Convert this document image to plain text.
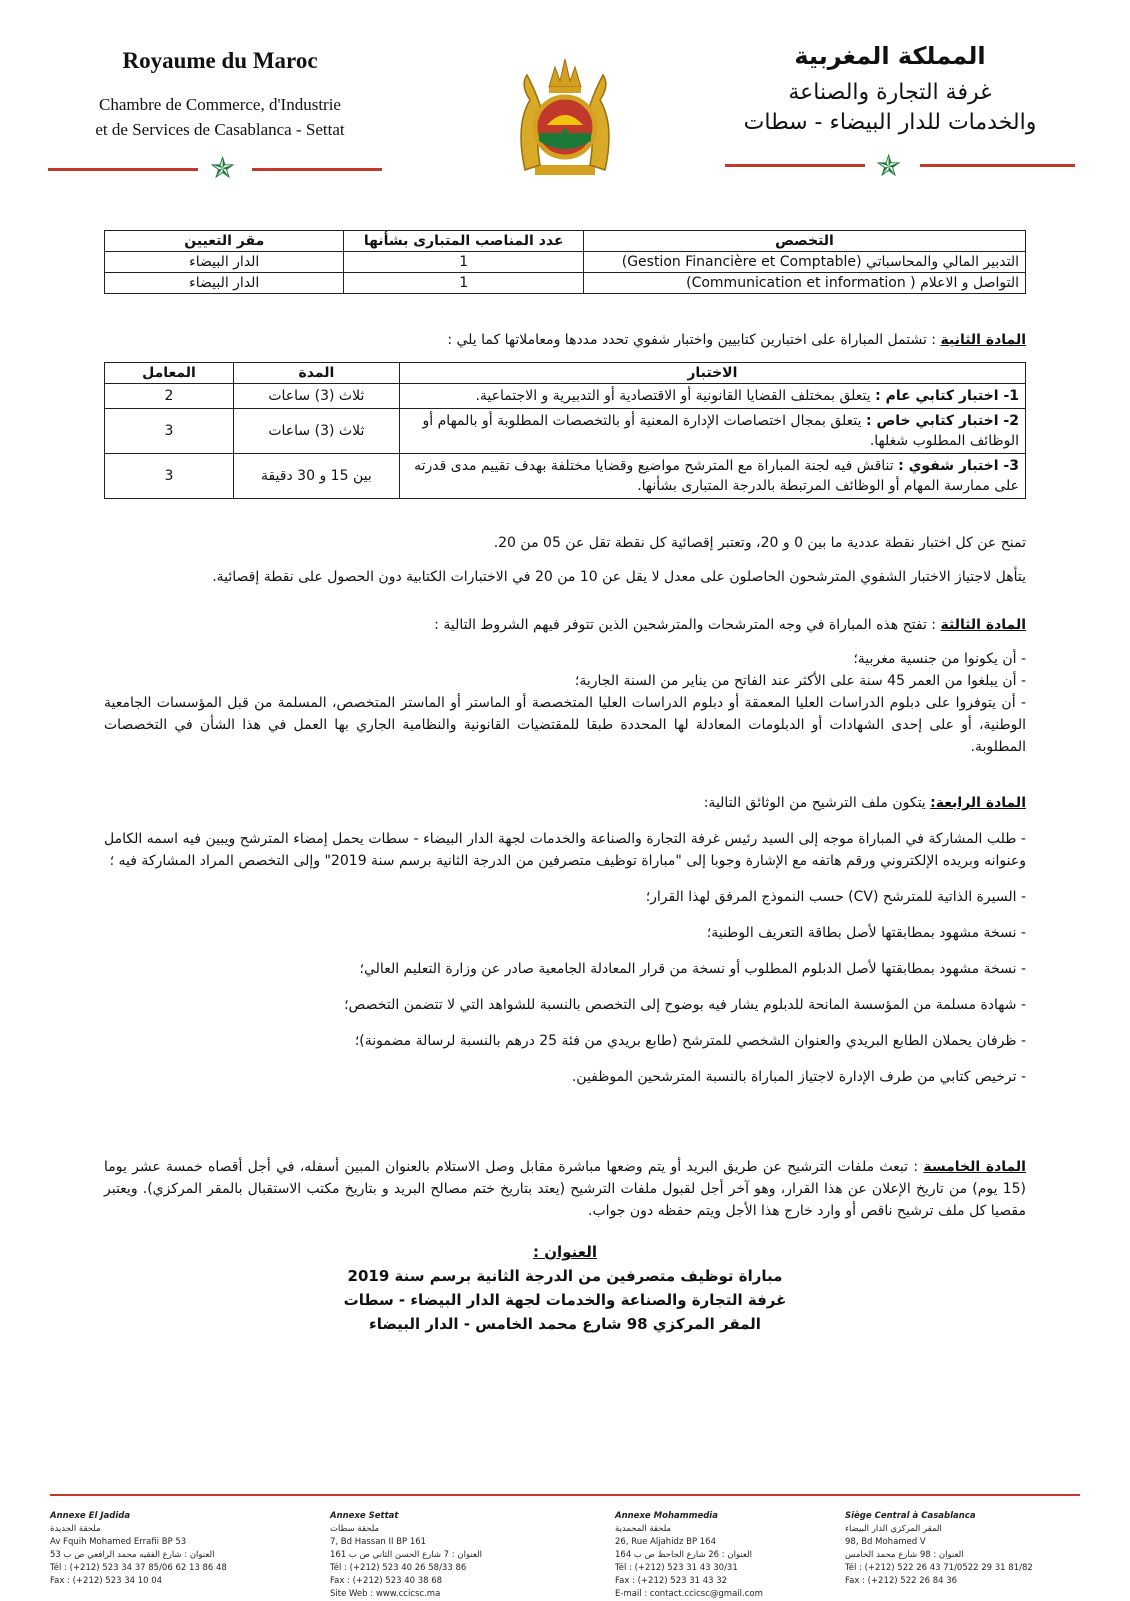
Royaume du Maroc
Chambre de Commerce, d'Industrie
et de Services de Casablanca - Settat
✯
المملكة المغربية
غرفة التجارة والصناعة
والخدمات للدار البيضاء - سطات
✯
التخصص	عدد المناصب المتبارى بشأنها	مقر التعيين
التدبير المالي والمحاسباتي (Gestion Financière et Comptable)	1	الدار البيضاء
التواصل و الاعلام ( Communication et information)	1	الدار البيضاء
المادة الثانية : تشتمل المباراة على اختبارين كتابيين واختبار شفوي تحدد مددها ومعاملاتها كما يلي :
الاختبار	المدة	المعامل
1- اختبار كتابي عام : يتعلق بمختلف القضايا القانونية أو الاقتصادية أو التدبيرية و الاجتماعية.	ثلاث (3) ساعات	2
2- اختبار كتابي خاص : يتعلق بمجال اختصاصات الإدارة المعنية أو بالتخصصات المطلوبة أو بالمهام أو الوظائف المطلوب شغلها.	ثلاث (3) ساعات	3
3- اختبار شفوي : تناقش فيه لجنة المباراة مع المترشح مواضيع وقضايا مختلفة بهدف تقييم مدى قدرته على ممارسة المهام أو الوظائف المرتبطة بالدرجة المتبارى بشأنها.	بين 15 و 30 دقيقة	3

تمنح عن كل اختبار نقطة عددية ما بين 0 و 20، وتعتبر إقصائية كل نقطة تقل عن 05 من 20.

يتأهل لاجتياز الاختبار الشفوي المترشحون الحاصلون على معدل لا يقل عن 10 من 20 في الاختبارات الكتابية دون الحصول على نقطة إقصائية.

المادة الثالثة : تفتح هذه المباراة في وجه المترشحات والمترشحين الذين تتوفر فيهم الشروط التالية :

- أن يكونوا من جنسية مغربية؛
- أن يبلغوا من العمر 45 سنة على الأكثر عند الفاتح من يناير من السنة الجارية؛
- أن يتوفروا على دبلوم الدراسات العليا المعمقة أو دبلوم الدراسات العليا المتخصصة أو الماستر أو الماستر المتخصص، المسلمة من قبل المؤسسات الجامعية الوطنية، أو على إحدى الشهادات أو الدبلومات المعادلة لها المحددة طبقا للمقتضيات القانونية والنظامية الجاري بها العمل في هذا الشأن في التخصصات المطلوبة.

المادة الرابعة: يتكون ملف الترشيح من الوثائق التالية:

- طلب المشاركة في المباراة موجه إلى السيد رئيس غرفة التجارة والصناعة والخدمات لجهة الدار البيضاء - سطات يحمل إمضاء المترشح ويبين فيه اسمه الكامل وعنوانه وبريده الإلكتروني ورقم هاتفه مع الإشارة وجوبا إلى "مباراة توظيف متصرفين من الدرجة الثانية برسم سنة 2019" وإلى التخصص المراد المشاركة فيه ؛
- السيرة الذاتية للمترشح (CV) حسب النموذج المرفق لهذا القرار؛
- نسخة مشهود بمطابقتها لأصل بطاقة التعريف الوطنية؛
- نسخة مشهود بمطابقتها لأصل الدبلوم المطلوب أو نسخة من قرار المعادلة الجامعية صادر عن وزارة التعليم العالي؛
- شهادة مسلمة من المؤسسة المانحة للدبلوم يشار فيه بوضوح إلى التخصص بالنسبة للشواهد التي لا تتضمن التخصص؛
- ظرفان يحملان الطابع البريدي والعنوان الشخصي للمترشح (طابع بريدي من فئة 25 درهم بالنسبة لرسالة مضمونة)؛
- ترخيص كتابي من طرف الإدارة لاجتياز المباراة بالنسبة المترشحين الموظفين.

المادة الخامسة : تبعث ملفات الترشيح عن طريق البريد أو يتم وضعها مباشرة مقابل وصل الاستلام بالعنوان المبين أسفله، في أجل أقصاه خمسة عشر يوما (15 يوم) من تاريخ الإعلان عن هذا القرار، وهو آخر أجل لقبول ملفات الترشيح (يعتد بتاريخ ختم مصالح البريد و بتاريخ مكتب الاستقبال بالمقر المركزي). ويعتبر مقصيا كل ملف ترشيح ناقص أو وارد خارج هذا الأجل ويتم حفظه دون جواب.

العنوان :
مباراة توظيف متصرفين من الدرجة الثانية برسم سنة 2019
غرفة التجارة والصناعة والخدمات لجهة الدار البيضاء - سطات
المقر المركزي 98 شارع محمد الخامس - الدار البيضاء
Annexe El Jadida
ملحقة الجديدة
Av Fquih Mohamed Errafii BP 53
العنوان : شارع الفقيه محمد الرافعي ص ب 53
Tél : (+212) 523 34 37 85/06 62 13 86 48
Fax : (+212) 523 34 10 04
Annexe Settat
ملحقة سطات
7, Bd Hassan II BP 161
العنوان : 7 شارع الحسن الثاني ص ب 161
Tél : (+212) 523 40 26 58/33 86
Fax : (+212) 523 40 38 68
Site Web : www.ccicsc.ma
Annexe Mohammedia
ملحقة المحمدية
26, Rue Aljahidz BP 164
العنوان : 26 شارع الجاحظ ص ب 164
Tél : (+212) 523 31 43 30/31
Fax : (+212) 523 31 43 32
E-mail : contact.ccicsc@gmail.com
Siège Central à Casablanca
المقر المركزي الدار البيضاء
98, Bd Mohamed V
العنوان : 98 شارع محمد الخامس
Tél : (+212) 522 26 43 71/0522 29 31 81/82
Fax : (+212) 522 26 84 36
